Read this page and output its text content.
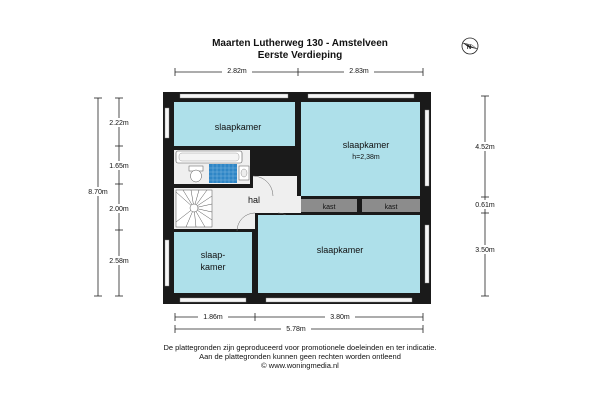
Maarten Lutherweg 130 - Amstelveen
Eerste Verdieping
2.82m	2.83m
2.22m
1.65m
2.00m
2.58m
8.70m
4.52m
0.61m
3.50m
1.86m	3.80m
5.78m
slaapkamer
slaapkamer
h=2,38m
hal
kast	kast
slaapkamer
slaap-
kamer
N
De plattegronden zijn geproduceerd voor promotionele doeleinden en ter indicatie.
Aan de plattegronden kunnen geen rechten worden ontleend
© www.woningmedia.nl
